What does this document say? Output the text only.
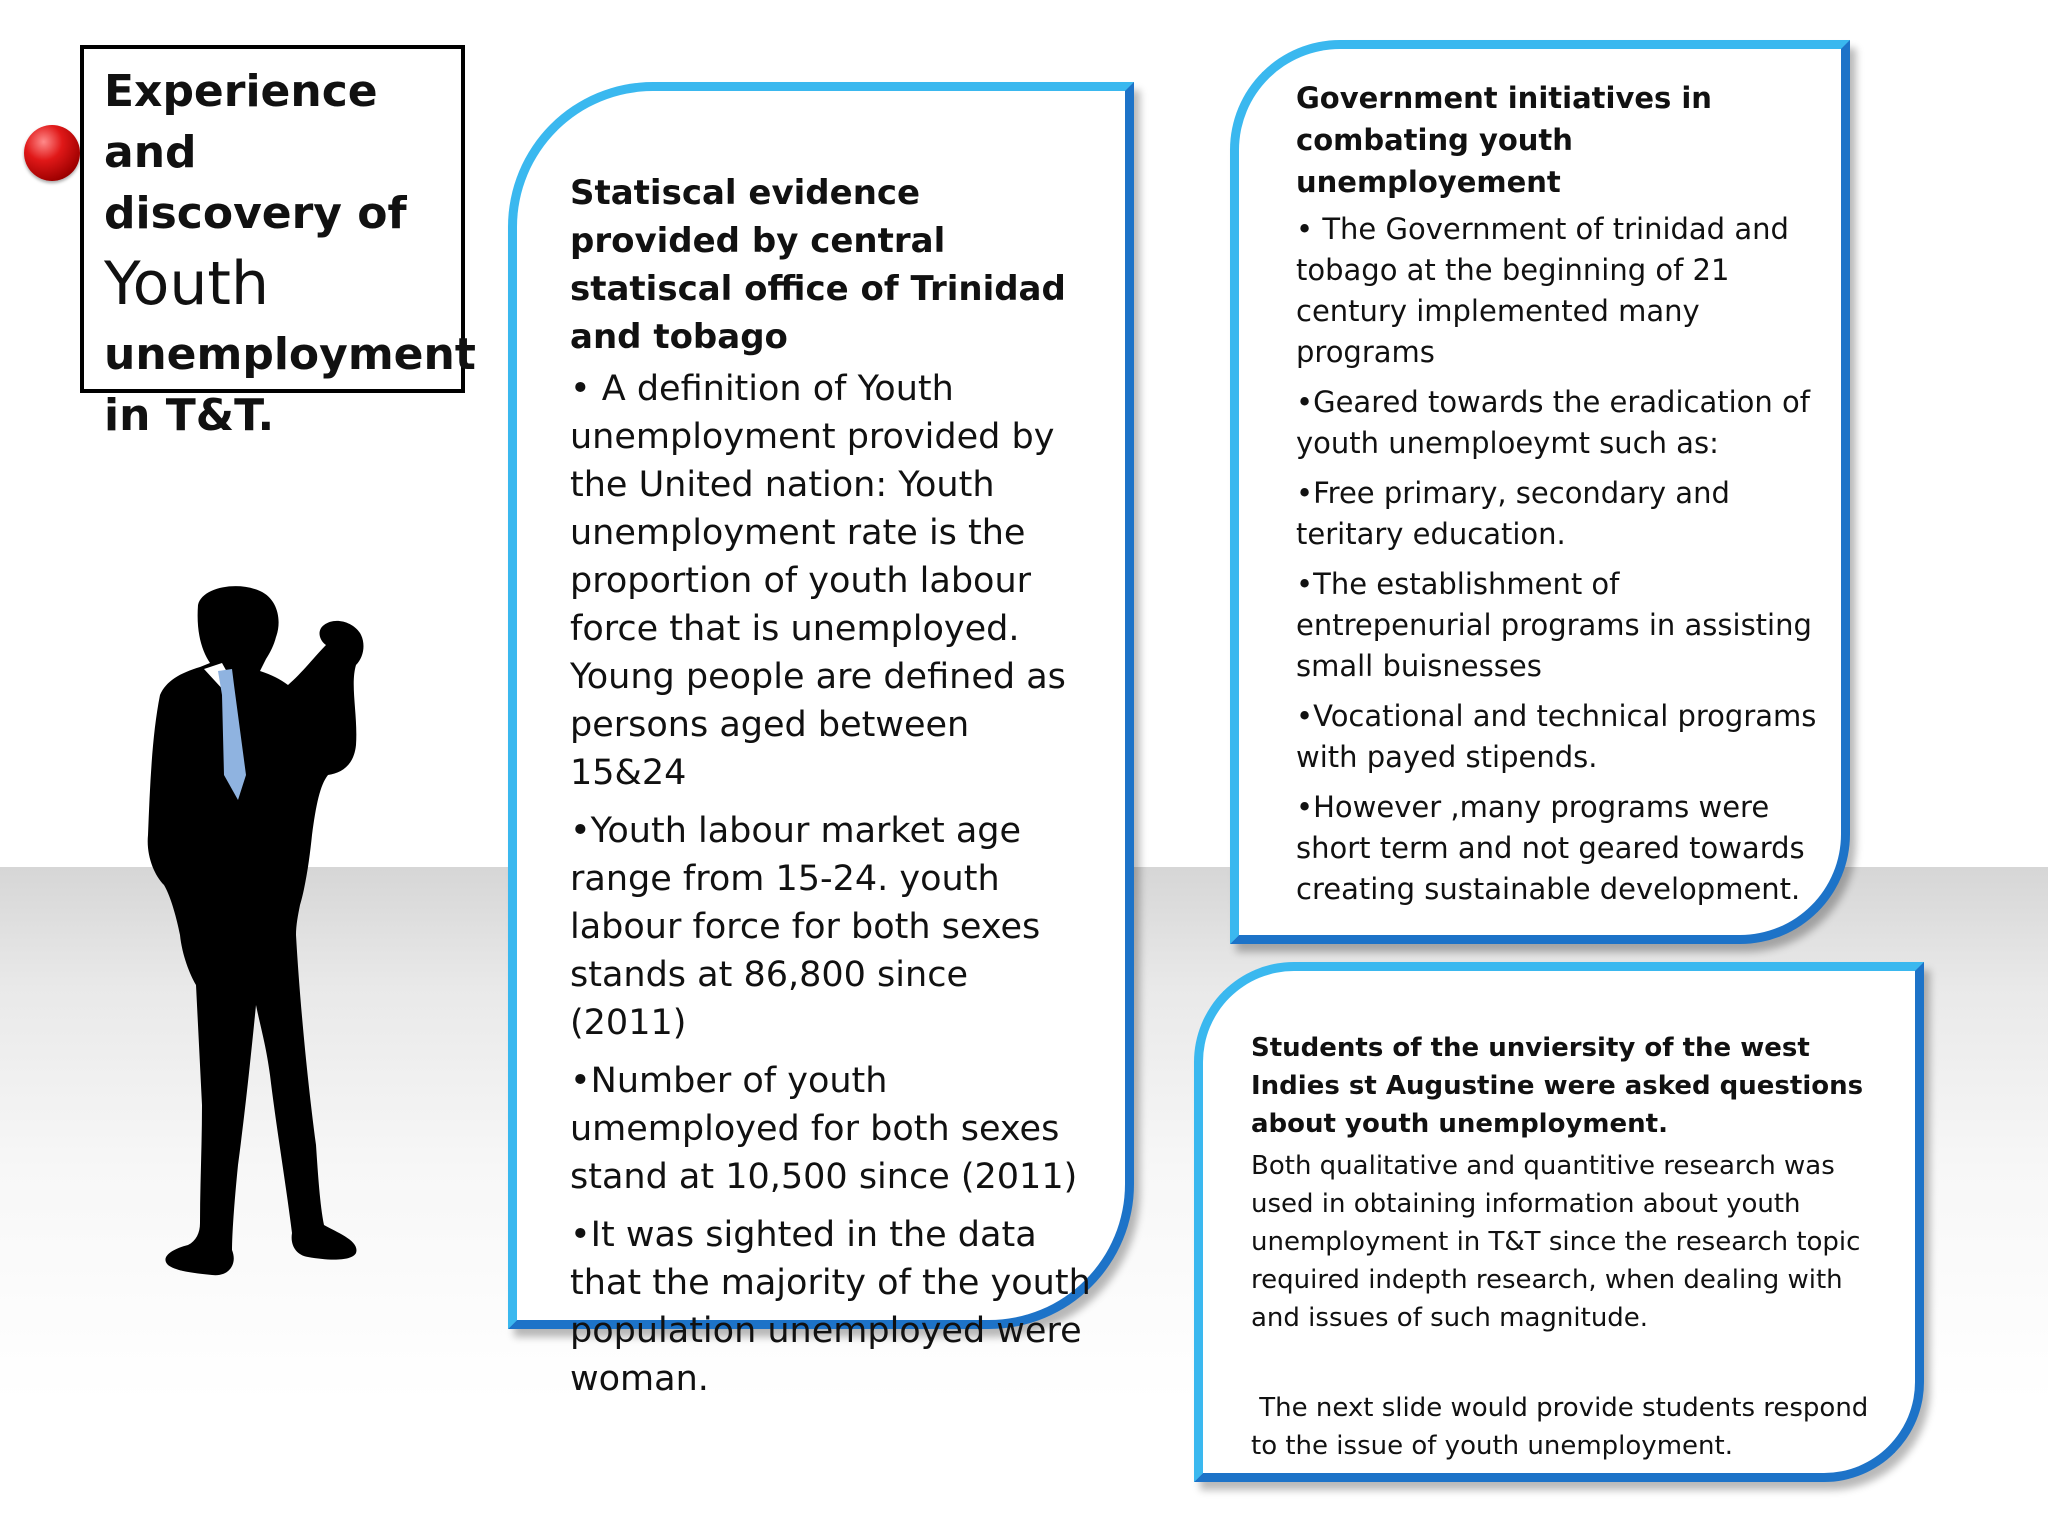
Experience and
discovery of
Youth
unemployment
in T&T.
Statiscal evidence provided by central statiscal office of Trinidad and tobago
• A definition of Youth unemployment provided by the United nation: Youth unemployment rate is the proportion of youth labour force that is unemployed. Young people are defined as persons aged between 15&24
•Youth labour market age range from 15-24. youth labour force for both sexes stands at 86,800 since (2011)
•Number of youth umemployed for both sexes stand at 10,500 since (2011)
•It was sighted in the data that the majority of the youth population unemployed were woman.
Government initiatives in combating youth unemployement
• The Government of trinidad and tobago at the beginning of 21 century implemented many programs
•Geared towards the eradication of youth unemploeymt such as:
•Free primary, secondary and teritary education.
•The establishment of entrepenurial programs in assisting small buisnesses
•Vocational and technical programs with payed stipends.
•However ,many programs were short term and not geared towards creating sustainable development.
Students of the unviersity of the west Indies st Augustine were asked questions about youth unemployment.
Both qualitative and quantitive research was used in obtaining information about youth unemployment in T&T since the research topic required indepth research, when dealing with and issues of such magnitude.
The next slide would provide students respond to the issue of youth unemployment.
